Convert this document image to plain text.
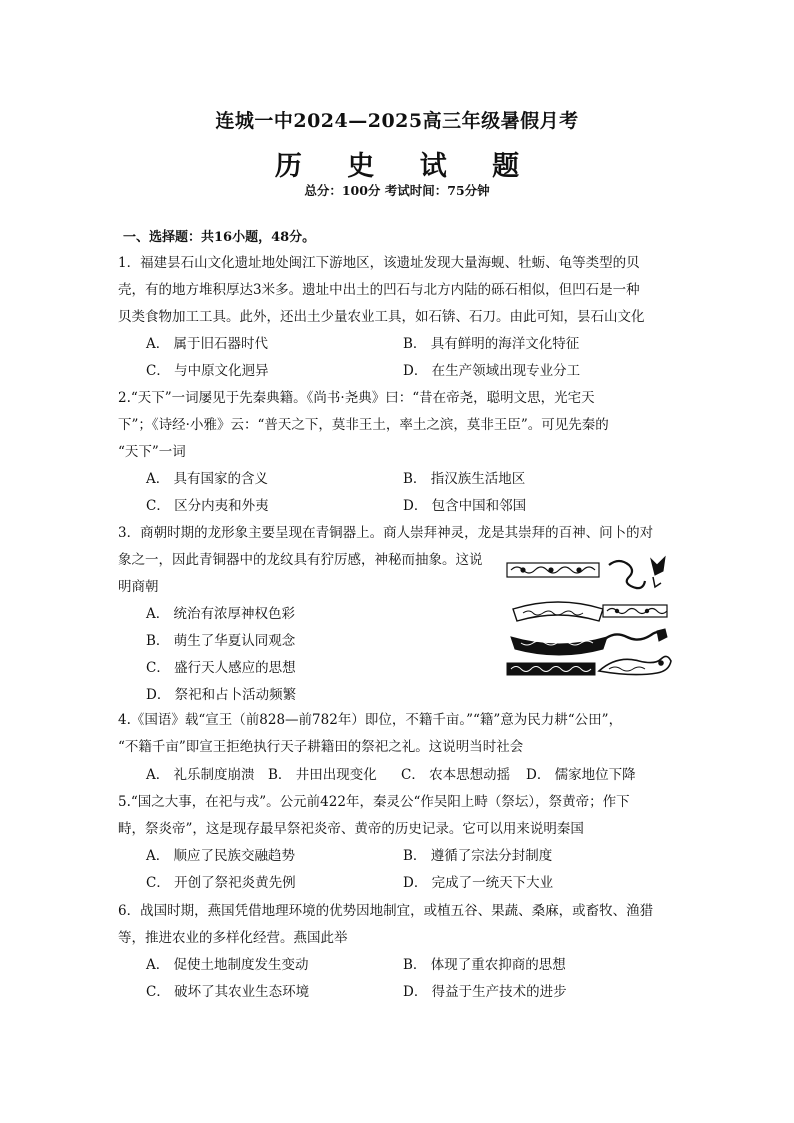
连城一中2024—2025高三年级暑假月考
历 史 试 题
总分：100分 考试时间：75分钟
一、选择题：共16小题，48分。
1．福建昙石山文化遗址地处闽江下游地区，该遗址发现大量海蚬、牡蛎、龟等类型的贝
壳，有的地方堆积厚达3米多。遗址中出土的凹石与北方内陆的砾石相似，但凹石是一种
贝类食物加工工具。此外，还出土少量农业工具，如石锛、石刀。由此可知，昙石山文化
A． 属于旧石器时代	B． 具有鲜明的海洋文化特征
C． 与中原文化迥异	D． 在生产领域出现专业分工
2.“天下”一词屡见于先秦典籍。《尚书·尧典》曰：“昔在帝尧，聪明文思，光宅天
下”；《诗经·小雅》云：“普天之下，莫非王土，率土之滨，莫非王臣”。可见先秦的
“天下”一词
A． 具有国家的含义	B． 指汉族生活地区
C． 区分内夷和外夷	D． 包含中国和邻国
3．商朝时期的龙形象主要呈现在青铜器上。商人崇拜神灵，龙是其崇拜的百神、问卜的对
象之一，因此青铜器中的龙纹具有狞厉感，神秘而抽象。这说
明商朝
A． 统治有浓厚神权色彩
B． 萌生了华夏认同观念
C． 盛行天人感应的思想
D． 祭祀和占卜活动频繁
4.《国语》载“宣王（前828—前782年）即位，不籍千亩。”“籍”意为民力耕“公田”，
“不籍千亩”即宣王拒绝执行天子耕籍田的祭祀之礼。这说明当时社会
A． 礼乐制度崩溃 B． 井田出现变化 C． 农本思想动摇 D． 儒家地位下降
5.“国之大事，在祀与戎”。公元前422年，秦灵公“作吴阳上畤（祭坛），祭黄帝；作下
畤，祭炎帝”，这是现存最早祭祀炎帝、黄帝的历史记录。它可以用来说明秦国
A． 顺应了民族交融趋势	B． 遵循了宗法分封制度
C． 开创了祭祀炎黄先例	D． 完成了一统天下大业
6．战国时期，燕国凭借地理环境的优势因地制宜，或植五谷、果蔬、桑麻，或畜牧、渔猎
等，推进农业的多样化经营。燕国此举
A． 促使土地制度发生变动	B． 体现了重农抑商的思想
C． 破坏了其农业生态环境	D． 得益于生产技术的进步
